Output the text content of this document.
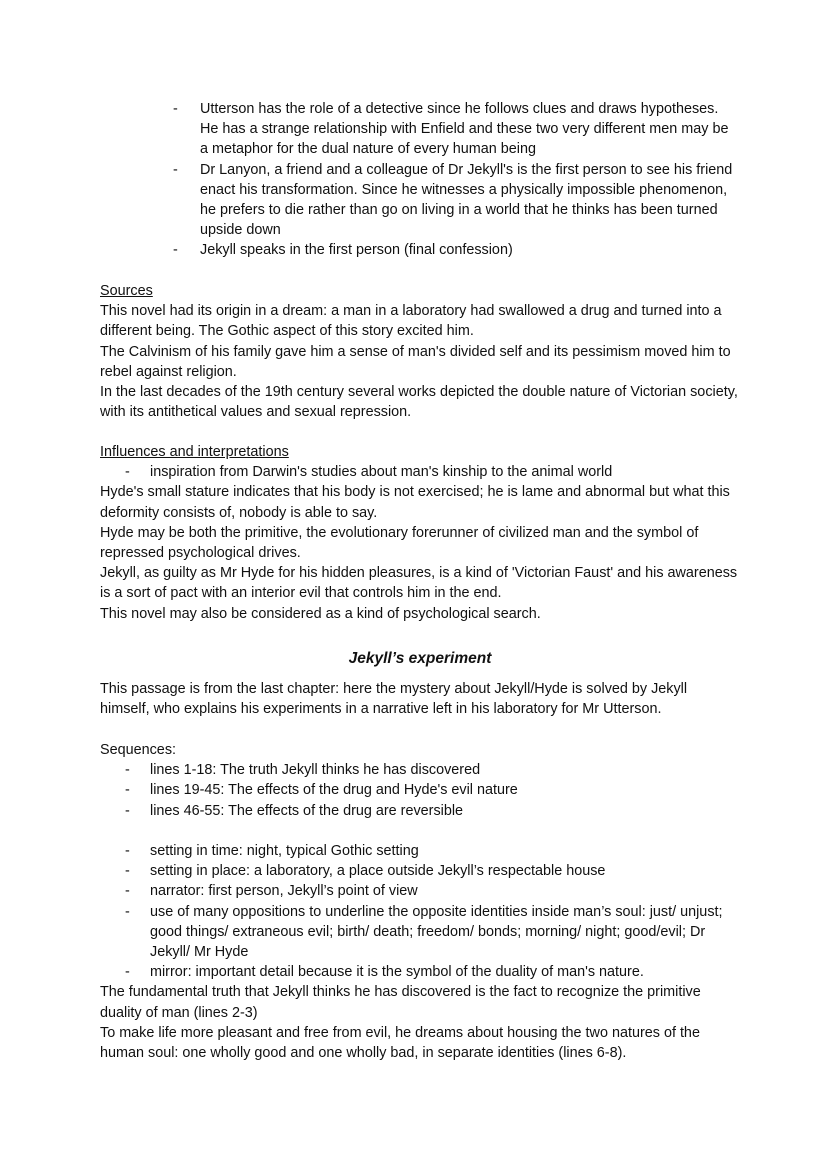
- Utterson has the role of a detective since he follows clues and draws hypotheses. He has a strange relationship with Enfield and these two very different men may be a metaphor for the dual nature of every human being
- Dr Lanyon, a friend and a colleague of Dr Jekyll's is the first person to see his friend enact his transformation. Since he witnesses a physically impossible phenomenon, he prefers to die rather than go on living in a world that he thinks has been turned upside down
- Jekyll speaks in the first person (final confession)

Sources

This novel had its origin in a dream: a man in a laboratory had swallowed a drug and turned into a different being. The Gothic aspect of this story excited him.

The Calvinism of his family gave him a sense of man's divided self and its pessimism moved him to rebel against religion.

In the last decades of the 19th century several works depicted the double nature of Victorian society, with its antithetical values and sexual repression.

Influences and interpretations

- inspiration from Darwin's studies about man's kinship to the animal world

Hyde's small stature indicates that his body is not exercised; he is lame and abnormal but what this deformity consists of, nobody is able to say.

Hyde may be both the primitive, the evolutionary forerunner of civilized man and the symbol of repressed psychological drives.

Jekyll, as guilty as Mr Hyde for his hidden pleasures, is a kind of 'Victorian Faust' and his awareness is a sort of pact with an interior evil that controls him in the end.

This novel may also be considered as a kind of psychological search.

Jekyll’s experiment

This passage is from the last chapter: here the mystery about Jekyll/Hyde is solved by Jekyll himself, who explains his experiments in a narrative left in his laboratory for Mr Utterson.

Sequences:

- lines 1-18: The truth Jekyll thinks he has discovered
- lines 19-45: The effects of the drug and Hyde's evil nature
- lines 46-55: The effects of the drug are reversible
- setting in time: night, typical Gothic setting
- setting in place: a laboratory, a place outside Jekyll’s respectable house
- narrator: first person, Jekyll’s point of view
- use of many oppositions to underline the opposite identities inside man’s soul: just/ unjust; good things/ extraneous evil; birth/ death; freedom/ bonds; morning/ night; good/evil; Dr Jekyll/ Mr Hyde
- mirror: important detail because it is the symbol of the duality of man's nature.

The fundamental truth that Jekyll thinks he has discovered is the fact to recognize the primitive duality of man (lines 2-3)

To make life more pleasant and free from evil, he dreams about housing the two natures of the human soul: one wholly good and one wholly bad, in separate identities (lines 6-8).
